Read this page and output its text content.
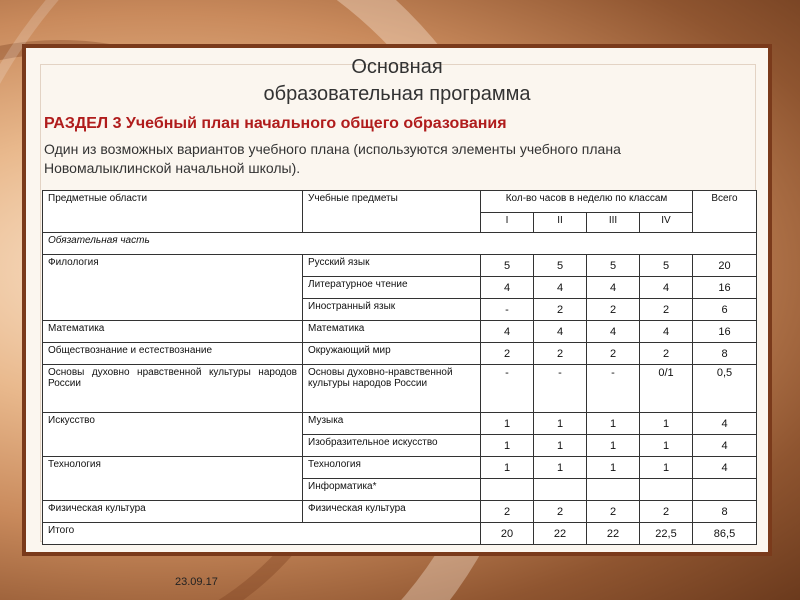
Основная
образовательная программа
РАЗДЕЛ 3 Учебный план начального общего образования
Один из возможных вариантов учебного плана (используются элементы учебного плана Новомалыклинской начальной школы).
Предметные области	Учебные предметы	Кол-во часов в неделю по классам				Всего
		I	II	III	IV	
Обязательная часть						
Филология	Русский язык	5	5	5	5	20
	Литературное чтение	4	4	4	4	16
	Иностранный язык	-	2	2	2	6
Математика	Математика	4	4	4	4	16
Обществознание и естествознание	Окружающий мир	2	2	2	2	8
Основы духовно нравственной культуры народов России	Основы духовно-нравственной культуры народов России	-	-	-	0/1	0,5
Искусство	Музыка	1	1	1	1	4
	Изобразительное искусство	1	1	1	1	4
Технология	Технология	1	1	1	1	4
	Информатика*					
Физическая культура	Физическая культура	2	2	2	2	8
Итого		20	22	22	22,5	86,5
23.09.17
